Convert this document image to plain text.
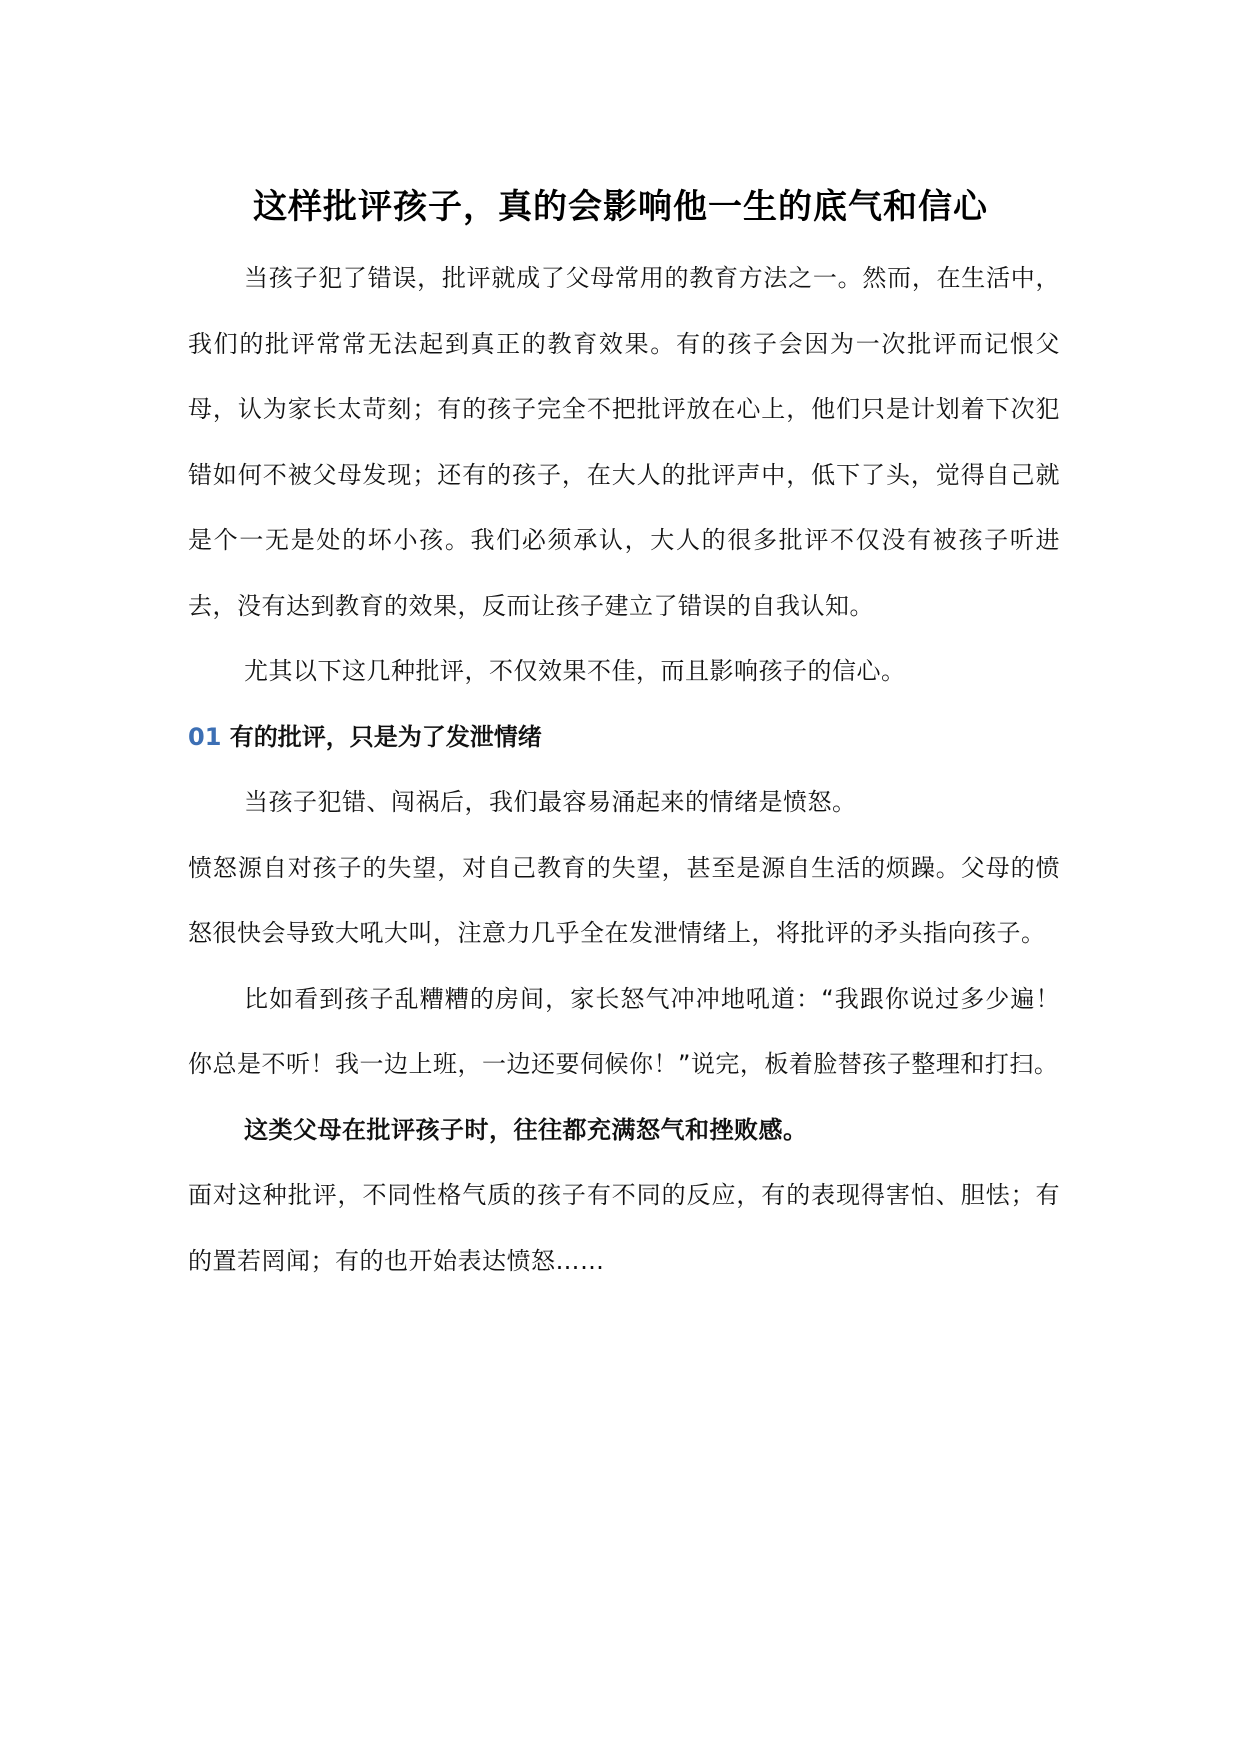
这样批评孩子，真的会影响他一生的底气和信心

当孩子犯了错误，批评就成了父母常用的教育方法之一。然而，在生活中，我们的批评常常无法起到真正的教育效果。有的孩子会因为一次批评而记恨父母，认为家长太苛刻；有的孩子完全不把批评放在心上，他们只是计划着下次犯错如何不被父母发现；还有的孩子，在大人的批评声中，低下了头，觉得自己就是个一无是处的坏小孩。我们必须承认，大人的很多批评不仅没有被孩子听进去，没有达到教育的效果，反而让孩子建立了错误的自我认知。

尤其以下这几种批评，不仅效果不佳，而且影响孩子的信心。

01 有的批评，只是为了发泄情绪

当孩子犯错、闯祸后，我们最容易涌起来的情绪是愤怒。

愤怒源自对孩子的失望，对自己教育的失望，甚至是源自生活的烦躁。父母的愤怒很快会导致大吼大叫，注意力几乎全在发泄情绪上，将批评的矛头指向孩子。

比如看到孩子乱糟糟的房间，家长怒气冲冲地吼道：“我跟你说过多少遍！你总是不听！我一边上班，一边还要伺候你！”说完，板着脸替孩子整理和打扫。

这类父母在批评孩子时，往往都充满怒气和挫败感。

面对这种批评，不同性格气质的孩子有不同的反应，有的表现得害怕、胆怯；有的置若罔闻；有的也开始表达愤怒……
